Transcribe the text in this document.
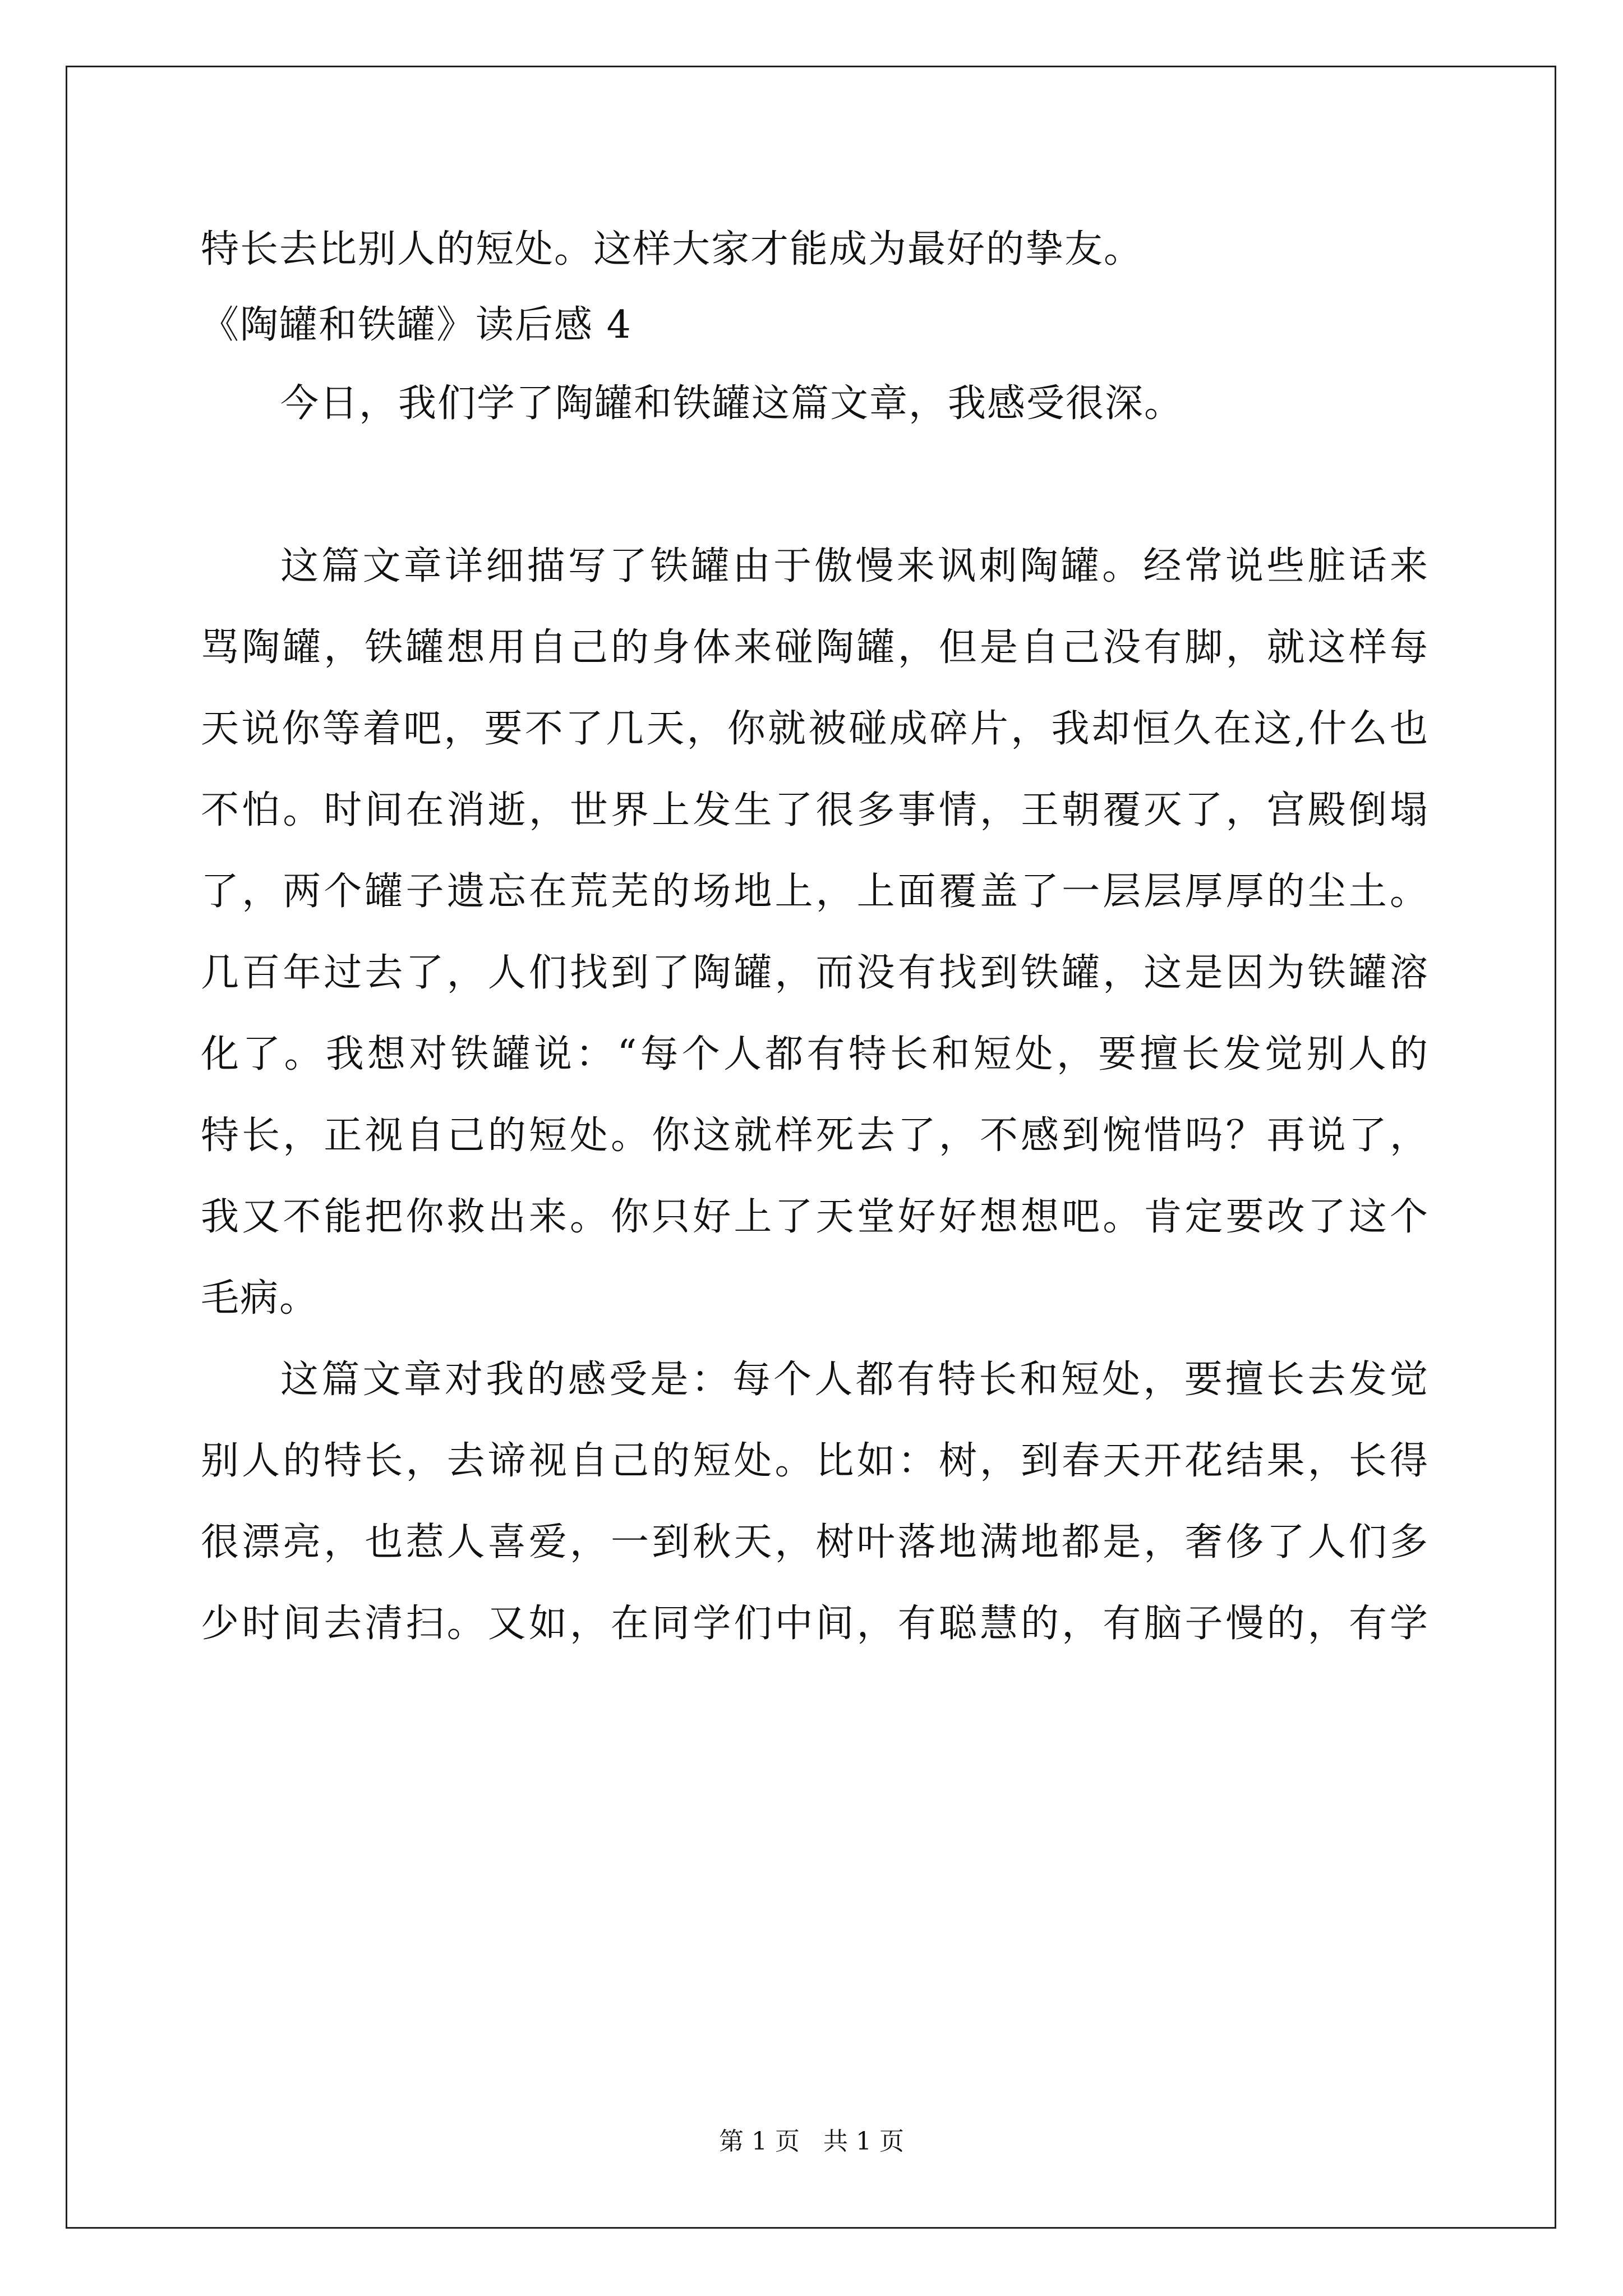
特长去比别人的短处。这样大家才能成为最好的挚友。
《陶罐和铁罐》读后感 4
今日，我们学了陶罐和铁罐这篇文章，我感受很深。
这篇文章详细描写了铁罐由于傲慢来讽刺陶罐。经常说些脏话来
骂陶罐，铁罐想用自己的身体来碰陶罐，但是自己没有脚，就这样每
天说你等着吧，要不了几天，你就被碰成碎片，我却恒久在这,什么也
不怕。时间在消逝，世界上发生了很多事情，王朝覆灭了，宫殿倒塌
了，两个罐子遗忘在荒芜的场地上，上面覆盖了一层层厚厚的尘土。
几百年过去了，人们找到了陶罐，而没有找到铁罐，这是因为铁罐溶
化了。我想对铁罐说：“每个人都有特长和短处，要擅长发觉别人的
特长，正视自己的短处。你这就样死去了，不感到惋惜吗？再说了，
我又不能把你救出来。你只好上了天堂好好想想吧。肯定要改了这个
毛病。
这篇文章对我的感受是：每个人都有特长和短处，要擅长去发觉
别人的特长，去谛视自己的短处。比如：树，到春天开花结果，长得
很漂亮，也惹人喜爱，一到秋天，树叶落地满地都是，奢侈了人们多
少时间去清扫。又如，在同学们中间，有聪慧的，有脑子慢的，有学
第 1 页   共 1 页
